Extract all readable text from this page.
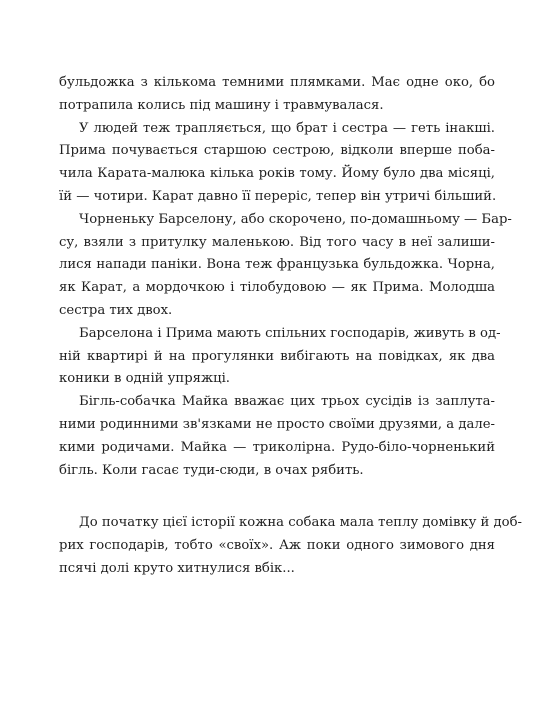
бульдожка з кількома темними плямками. Має одне око, бо
потрапила колись під машину і травмувалася.
У людей теж трапляється, що брат і сестра — геть інакші.
Прима почувається старшою сестрою, відколи вперше поба-
чила Карата-малюка кілька років тому. Йому було два місяці,
їй — чотири. Карат давно її переріс, тепер він утричі більший.
Чорненьку Барселону, або скорочено, по-домашньому — Бар-
су, взяли з притулку маленькою. Від того часу в неї залиши-
лися напади паніки. Вона теж французька бульдожка. Чорна,
як Карат, а мордочкою і тілобудовою — як Прима. Молодша
сестра тих двох.
Барселона і Прима мають спільних господарів, живуть в од-
ній квартирі й на прогулянки вибігають на повідках, як два
коники в одній упряжці.
Бігль-собачка Майка вважає цих трьох сусідів із заплута-
ними родинними зв'язками не просто своїми друзями, а дале-
кими родичами. Майка — триколірна. Рудо-біло-чорненький
бігль. Коли гасає туди-сюди, в очах рябить.
До початку цієї історії кожна собака мала теплу домівку й доб-
рих господарів, тобто «своїх». Аж поки одного зимового дня
псячі долі круто хитнулися вбік...
